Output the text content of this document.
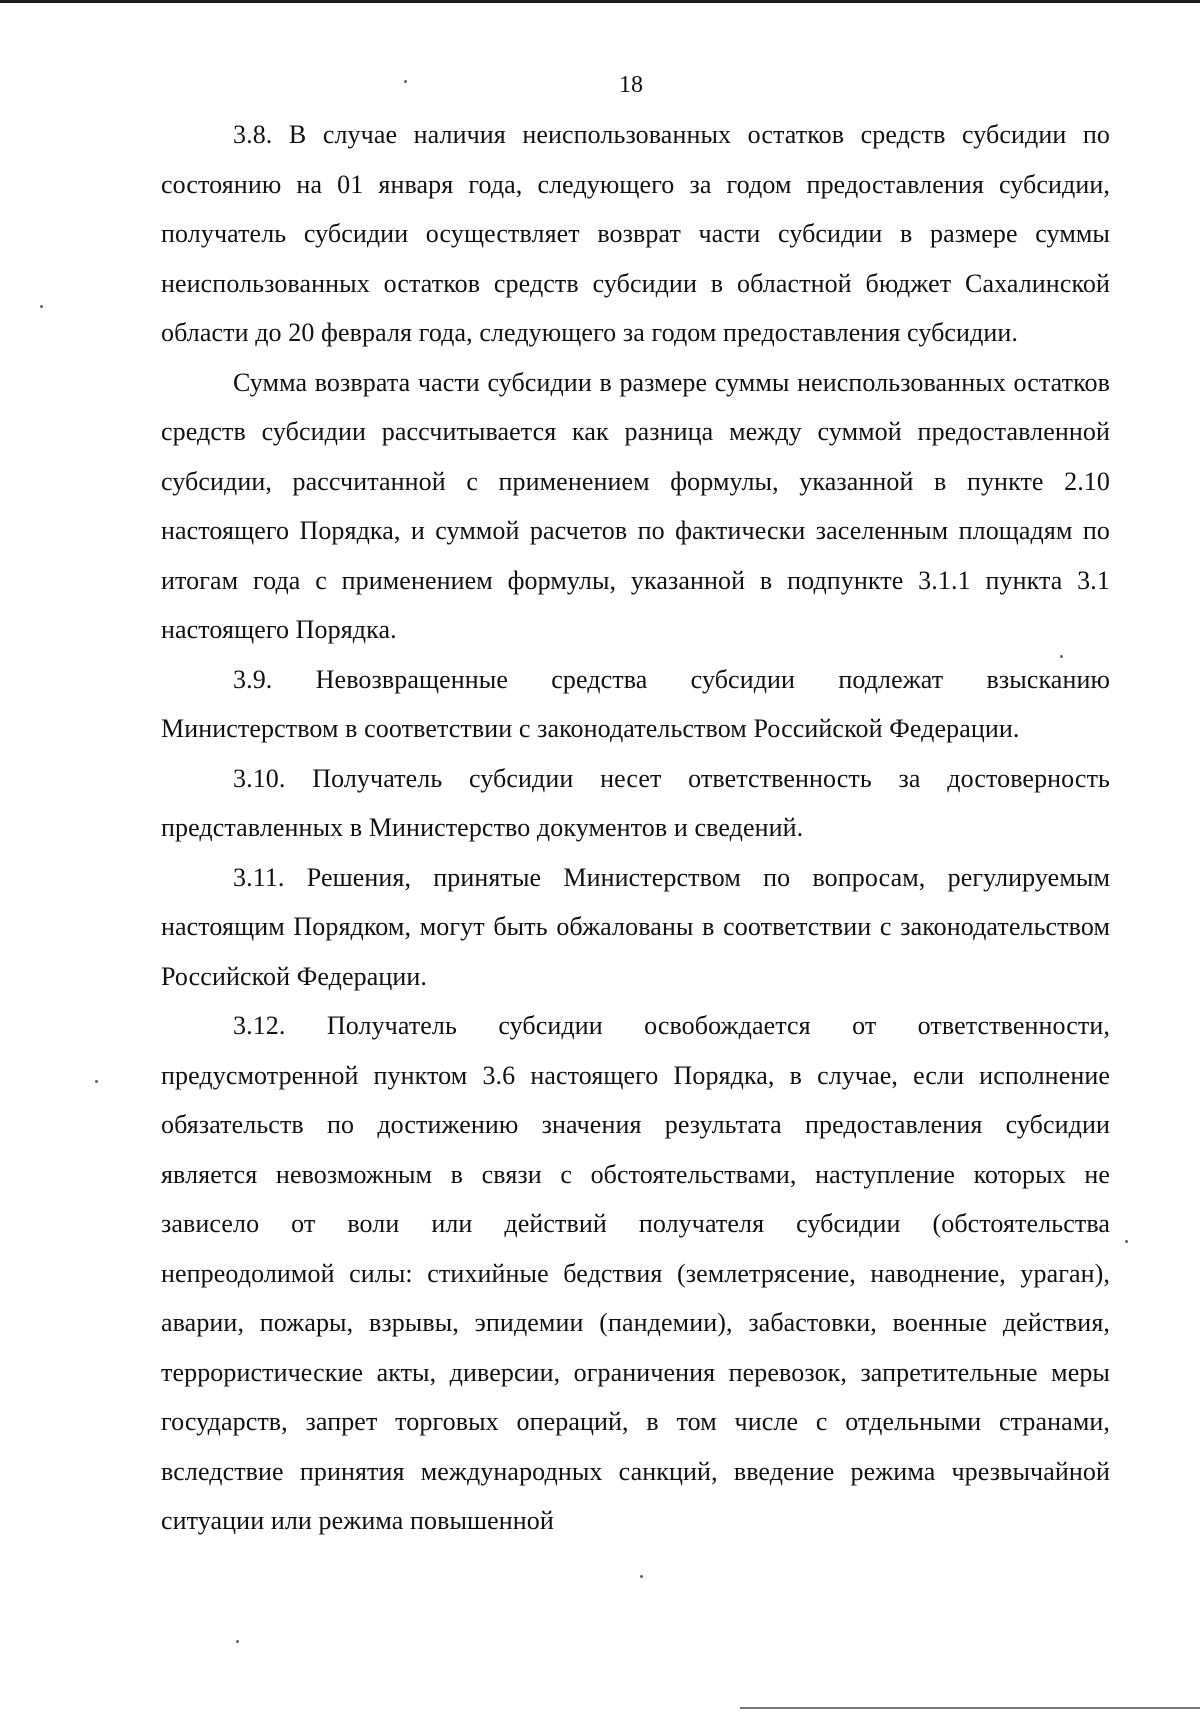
18

3.8. В случае наличия неиспользованных остатков средств субсидии по состоянию на 01 января года, следующего за годом предоставления субсидии, получатель субсидии осуществляет возврат части субсидии в размере суммы неиспользованных остатков средств субсидии в областной бюджет Сахалинской области до 20 февраля года, следующего за годом предоставления субсидии.

Сумма возврата части субсидии в размере суммы неиспользованных остатков средств субсидии рассчитывается как разница между суммой предоставленной субсидии, рассчитанной с применением формулы, указанной в пункте 2.10 настоящего Порядка, и суммой расчетов по фактически заселенным площадям по итогам года с применением формулы, указанной в подпункте 3.1.1 пункта 3.1 настоящего Порядка.

3.9. Невозвращенные средства субсидии подлежат взысканию Министерством в соответствии с законодательством Российской Федерации.

3.10. Получатель субсидии несет ответственность за достоверность представленных в Министерство документов и сведений.

3.11. Решения, принятые Министерством по вопросам, регулируемым настоящим Порядком, могут быть обжалованы в соответствии с законодательством Российской Федерации.

3.12. Получатель субсидии освобождается от ответственности, предусмотренной пунктом 3.6 настоящего Порядка, в случае, если исполнение обязательств по достижению значения результата предоставления субсидии является невозможным в связи с обстоятельствами, наступление которых не зависело от воли или действий получателя субсидии (обстоятельства непреодолимой силы: стихийные бедствия (землетрясение, наводнение, ураган), аварии, пожары, взрывы, эпидемии (пандемии), забастовки, военные действия, террористические акты, диверсии, ограничения перевозок, запретительные меры государств, запрет торговых операций, в том числе с отдельными странами, вследствие принятия международных санкций, введение режима чрезвычайной ситуации или режима повышенной
